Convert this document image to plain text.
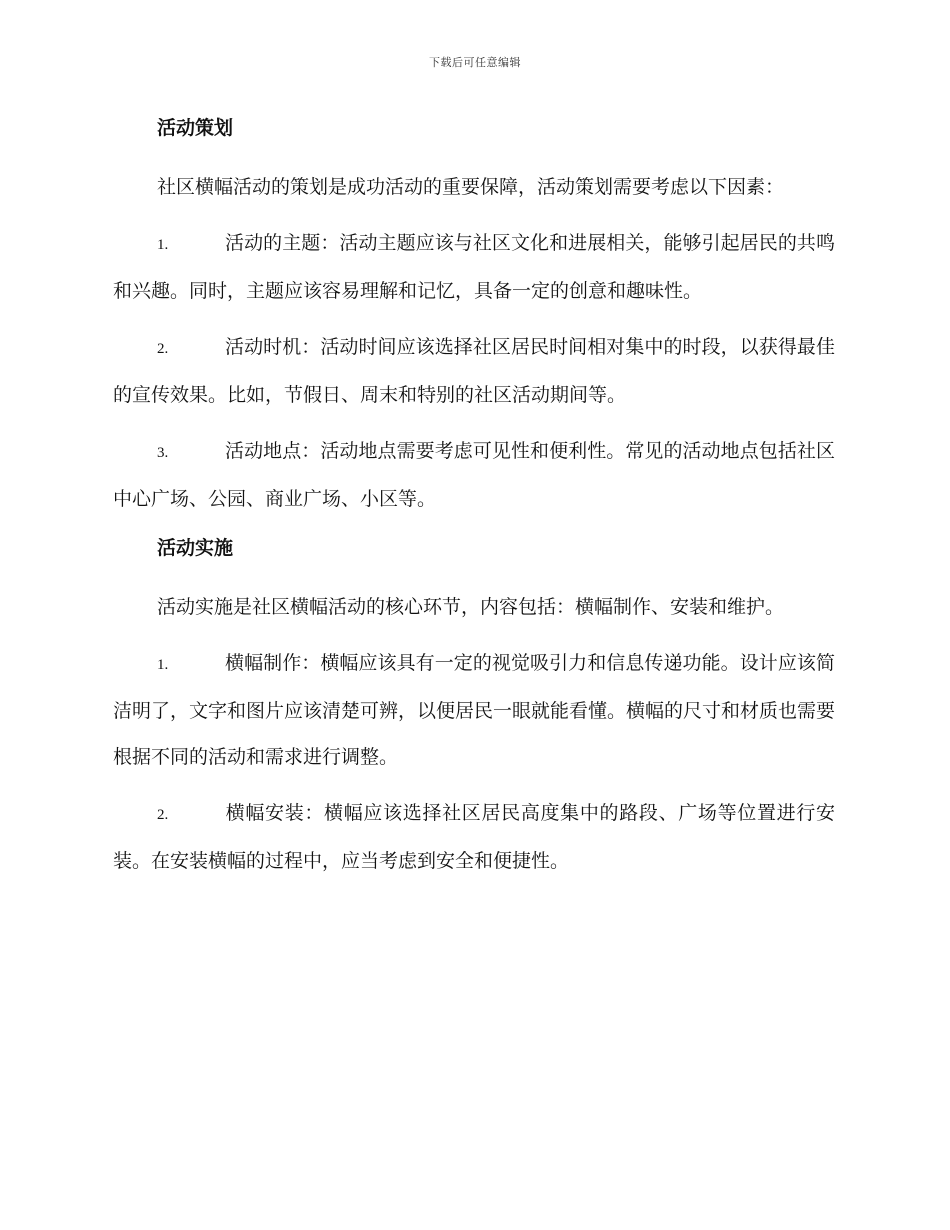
下载后可任意编辑
活动策划

社区横幅活动的策划是成功活动的重要保障，活动策划需要考虑以下因素：

1.	活动的主题：活动主题应该与社区文化和进展相关，能够引起居民的共鸣和兴趣。同时，主题应该容易理解和记忆，具备一定的创意和趣味性。

2.	活动时机：活动时间应该选择社区居民时间相对集中的时段，以获得最佳的宣传效果。比如，节假日、周末和特别的社区活动期间等。

3.	活动地点：活动地点需要考虑可见性和便利性。常见的活动地点包括社区中心广场、公园、商业广场、小区等。

活动实施

活动实施是社区横幅活动的核心环节，内容包括：横幅制作、安装和维护。

1.	横幅制作：横幅应该具有一定的视觉吸引力和信息传递功能。设计应该简洁明了，文字和图片应该清楚可辨，以便居民一眼就能看懂。横幅的尺寸和材质也需要根据不同的活动和需求进行调整。

2.	横幅安装：横幅应该选择社区居民高度集中的路段、广场等位置进行安装。在安装横幅的过程中，应当考虑到安全和便捷性。
